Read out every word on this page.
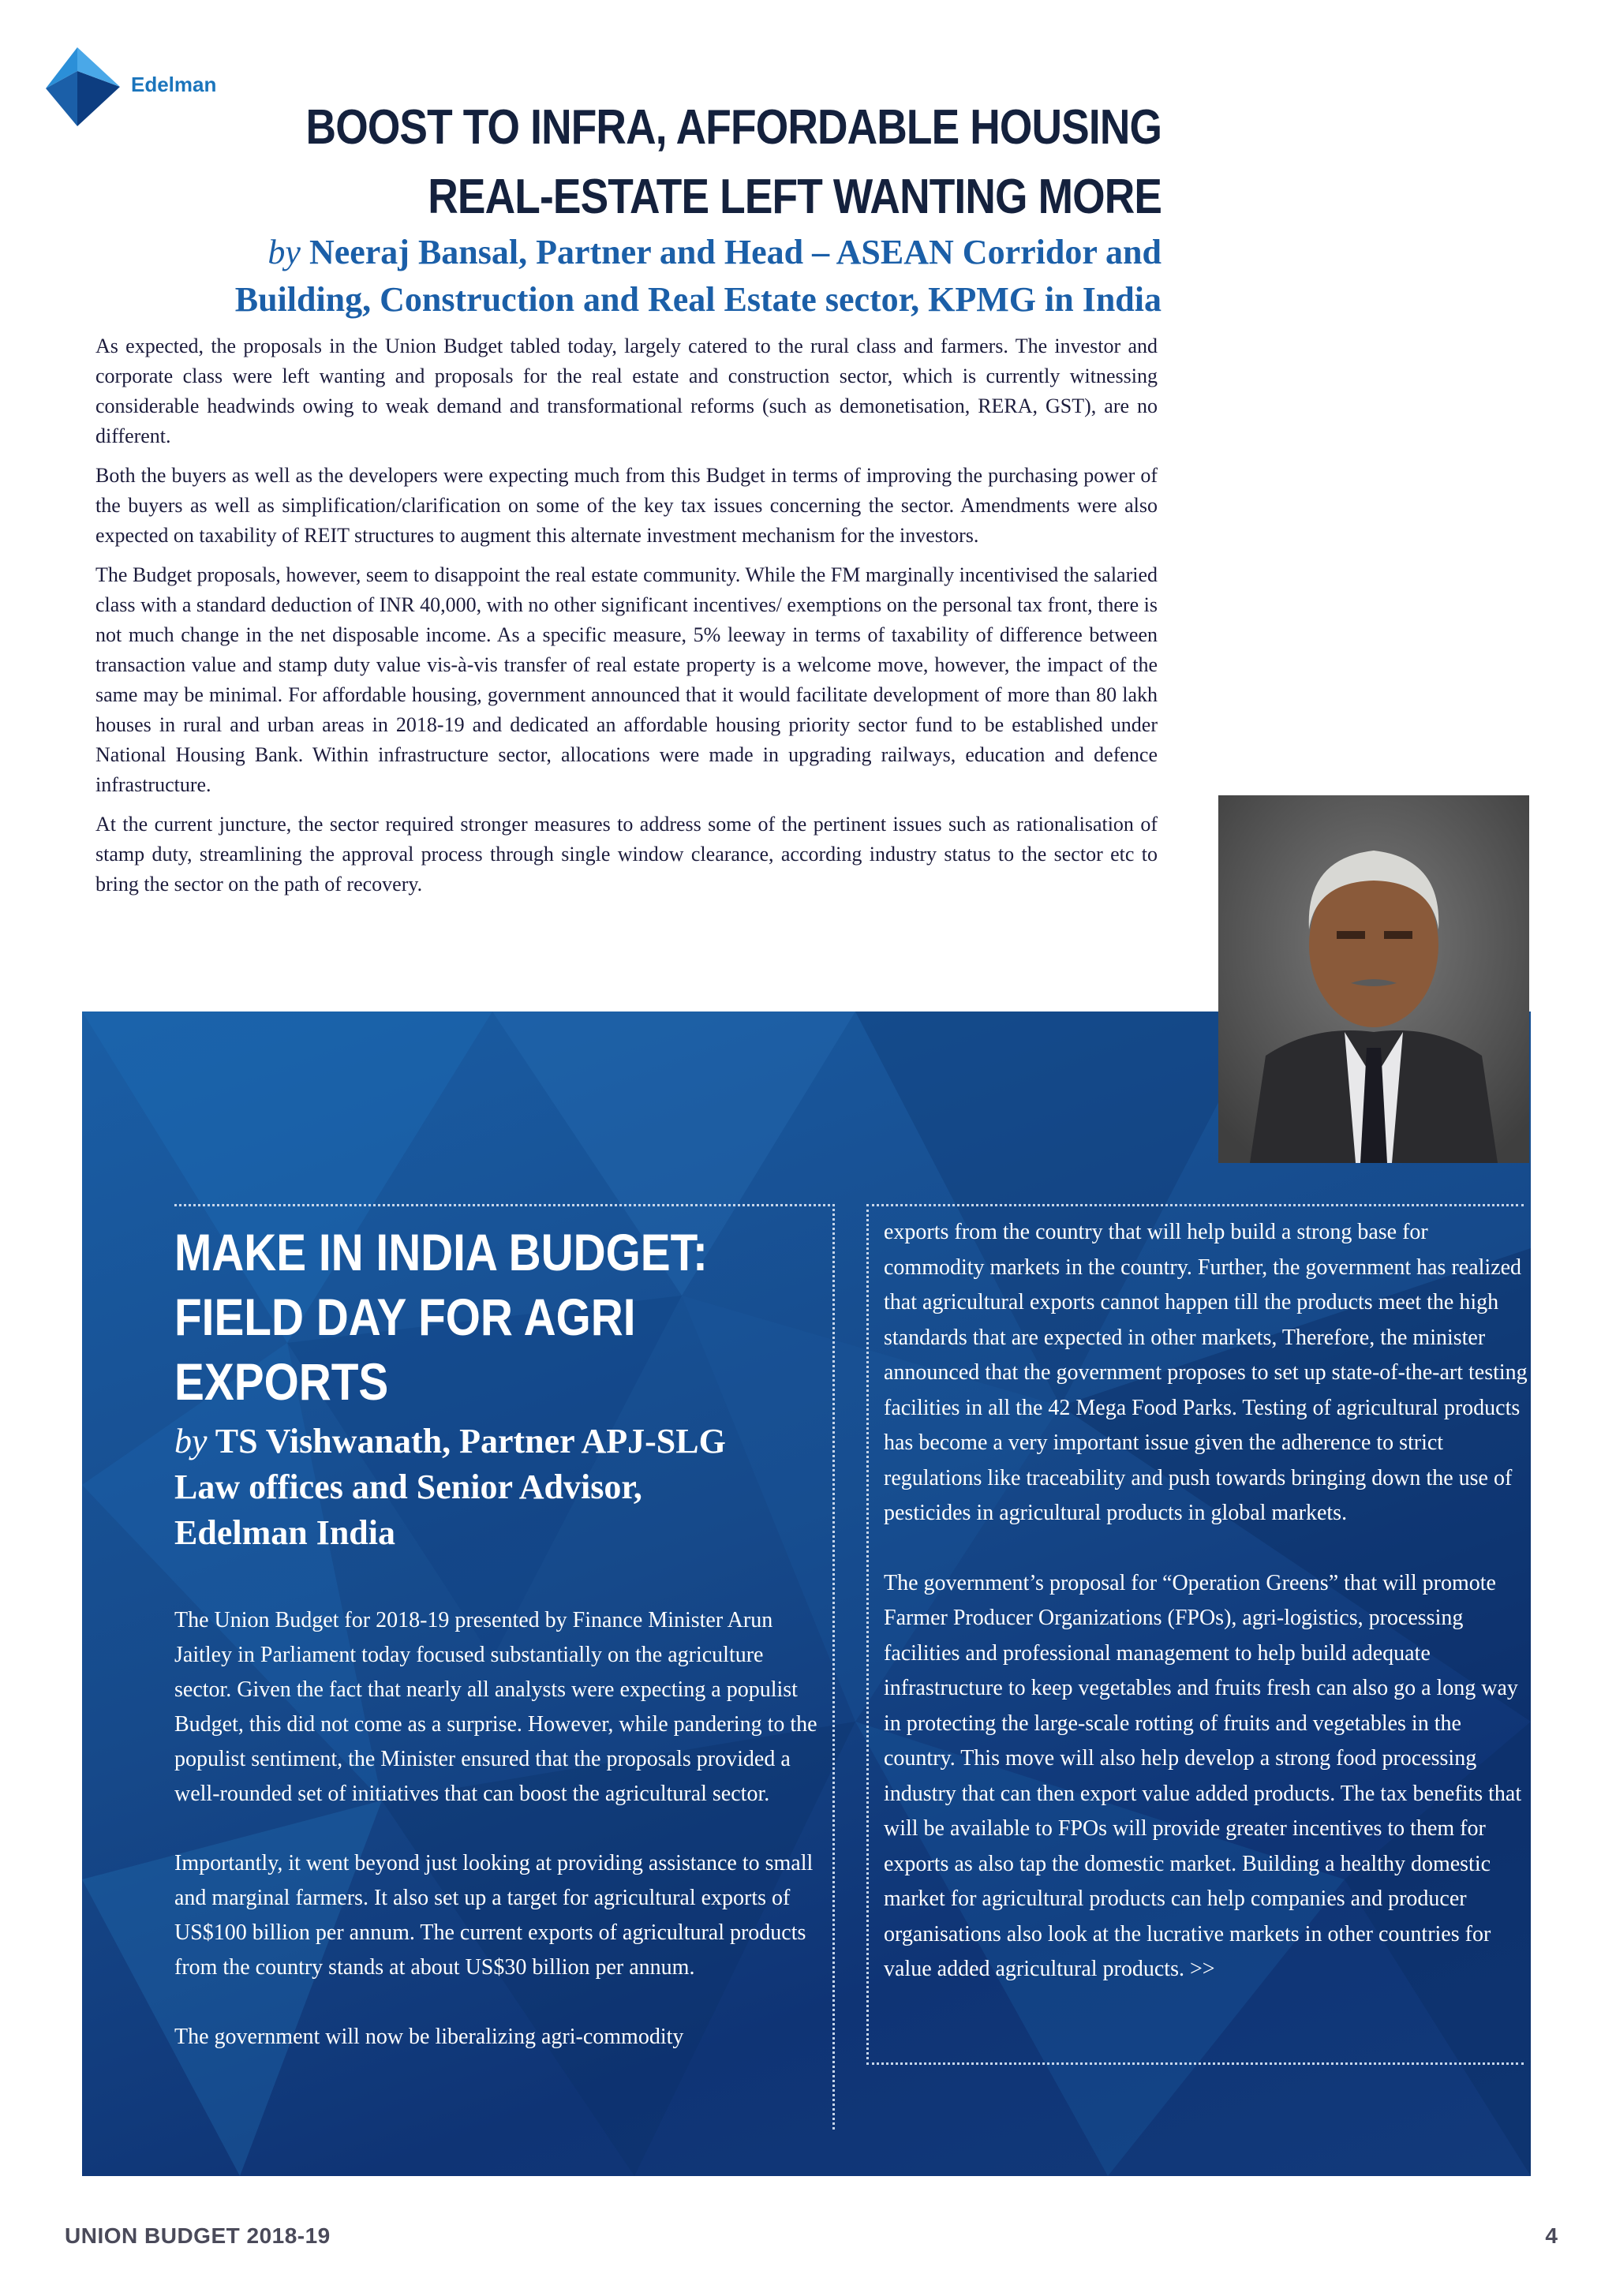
Edelman
BOOST TO INFRA, AFFORDABLE HOUSING
REAL-ESTATE LEFT WANTING MORE
by Neeraj Bansal, Partner and Head – ASEAN Corridor and
Building, Construction and Real Estate sector, KPMG in India

As expected, the proposals in the Union Budget tabled today, largely catered to the rural class and farmers. The investor and corporate class were left wanting and proposals for the real estate and construction sector, which is currently witnessing considerable headwinds owing to weak demand and transformational reforms (such as demonetisation, RERA, GST), are no different.

Both the buyers as well as the developers were expecting much from this Budget in terms of improving the purchasing power of the buyers as well as simplification/clarification on some of the key tax issues concerning the sector. Amendments were also expected on taxability of REIT structures to augment this alternate investment mechanism for the investors.

The Budget proposals, however, seem to disappoint the real estate community. While the FM marginally incentivised the salaried class with a standard deduction of INR 40,000, with no other significant incentives/ exemptions on the personal tax front, there is not much change in the net disposable income. As a specific measure, 5% leeway in terms of taxability of difference between transaction value and stamp duty value vis-à-vis transfer of real estate property is a welcome move, however, the impact of the same may be minimal. For affordable housing, government announced that it would facilitate development of more than 80 lakh houses in rural and urban areas in 2018-19 and dedicated an affordable housing priority sector fund to be established under National Housing Bank. Within infrastructure sector, allocations were made in upgrading railways, education and defence infrastructure.

At the current juncture, the sector required stronger measures to address some of the pertinent issues such as rationalisation of stamp duty, streamlining the approval process through single window clearance, according industry status to the sector etc to bring the sector on the path of recovery.

MAKE IN INDIA BUDGET:
FIELD DAY FOR AGRI
EXPORTS
by TS Vishwanath, Partner APJ-SLG
Law offices and Senior Advisor,
Edelman India

The Union Budget for 2018-19 presented by Finance Minister Arun Jaitley in Parliament today focused substantially on the agriculture sector. Given the fact that nearly all analysts were expecting a populist Budget, this did not come as a surprise. However, while pandering to the populist sentiment, the Minister ensured that the proposals provided a well-rounded set of initiatives that can boost the agricultural sector.

Importantly, it went beyond just looking at providing assistance to small and marginal farmers. It also set up a target for agricultural exports of US$100 billion per annum. The current exports of agricultural products from the country stands at about US$30 billion per annum.

The government will now be liberalizing agri-commodity

exports from the country that will help build a strong base for commodity markets in the country. Further, the government has realized that agricultural exports cannot happen till the products meet the high standards that are expected in other markets, Therefore, the minister announced that the government proposes to set up state-of-the-art testing facilities in all the 42 Mega Food Parks. Testing of agricultural products has become a very important issue given the adherence to strict regulations like traceability and push towards bringing down the use of pesticides in agricultural products in global markets.

The government’s proposal for “Operation Greens” that will promote Farmer Producer Organizations (FPOs), agri-logistics, processing facilities and professional management to help build adequate infrastructure to keep vegetables and fruits fresh can also go a long way in protecting the large-scale rotting of fruits and vegetables in the country. This move will also help develop a strong food processing industry that can then export value added products. The tax benefits that will be available to FPOs will provide greater incentives to them for exports as also tap the domestic market. Building a healthy domestic market for agricultural products can help companies and producer organisations also look at the lucrative markets in other countries for value added agricultural products. >>

UNION BUDGET 2018-19	4
